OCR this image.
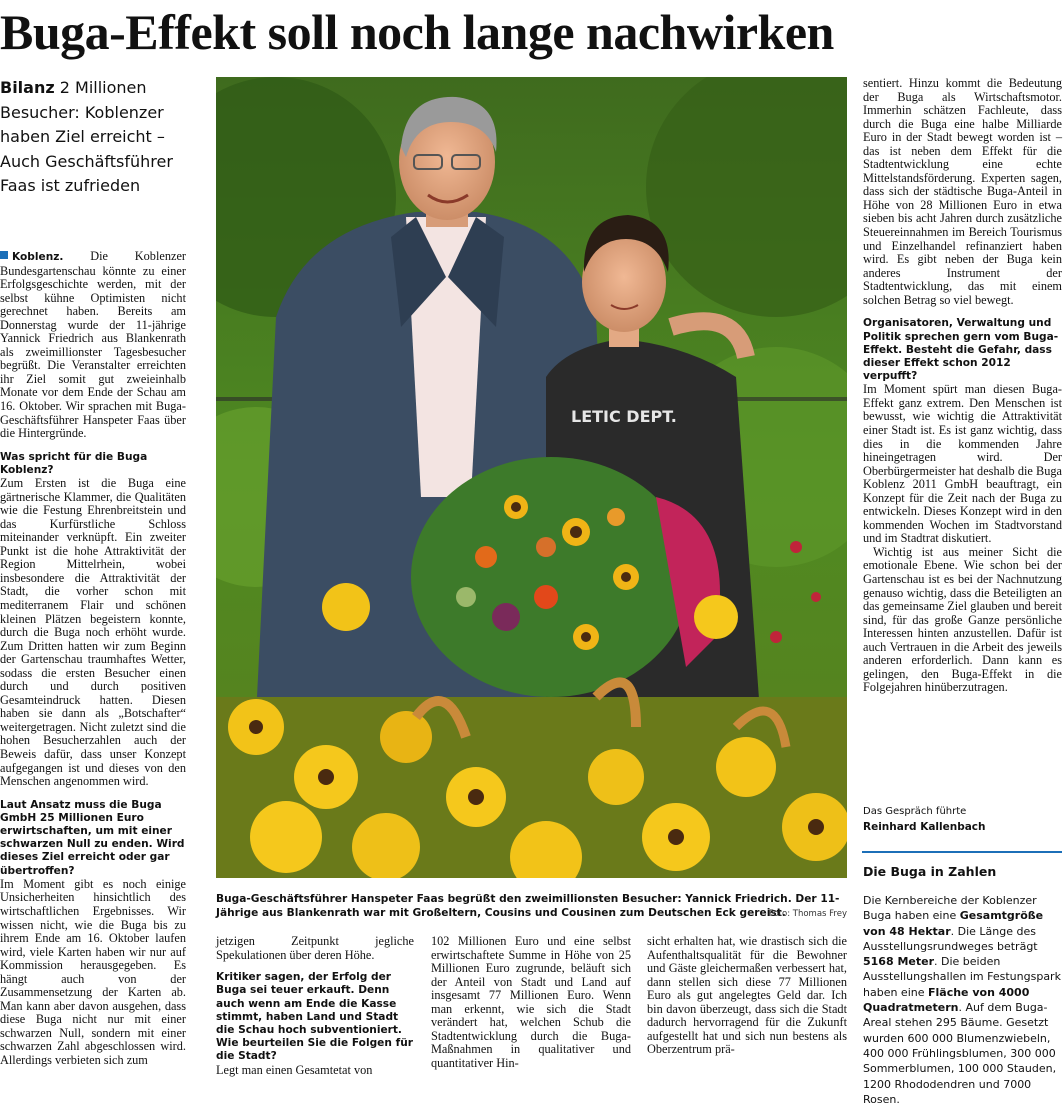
Buga-Effekt soll noch lange nachwirken
Bilanz 2 Millionen Besucher: Koblenzer haben Ziel erreicht – Auch Geschäftsführer Faas ist zufrieden

Koblenz. Die Koblenzer Bundesgartenschau könnte zu einer Erfolgsgeschichte werden, mit der selbst kühne Optimisten nicht gerechnet haben. Bereits am Donnerstag wurde der 11-jährige Yannick Friedrich aus Blankenrath als zweimillionster Tagesbesucher begrüßt. Die Veranstalter erreichten ihr Ziel somit gut zweieinhalb Monate vor dem Ende der Schau am 16. Oktober. Wir sprachen mit Buga-Geschäftsführer Hanspeter Faas über die Hintergründe.

Was spricht für die Buga Koblenz?

Zum Ersten ist die Buga eine gärtnerische Klammer, die Qualitäten wie die Festung Ehrenbreitstein und das Kurfürstliche Schloss miteinander verknüpft. Ein zweiter Punkt ist die hohe Attraktivität der Region Mittelrhein, wobei insbesondere die Attraktivität der Stadt, die vorher schon mit mediterranem Flair und schönen kleinen Plätzen begeistern konnte, durch die Buga noch erhöht wurde. Zum Dritten hatten wir zum Beginn der Gartenschau traumhaftes Wetter, sodass die ersten Besucher einen durch und durch positiven Gesamteindruck hatten. Diesen haben sie dann als „Botschafter“ weitergetragen. Nicht zuletzt sind die hohen Besucherzahlen auch der Beweis dafür, dass unser Konzept aufgegangen ist und dieses von den Menschen angenommen wird.

Laut Ansatz muss die Buga GmbH 25 Millionen Euro erwirtschaften, um mit einer schwarzen Null zu enden. Wird dieses Ziel erreicht oder gar übertroffen?

Im Moment gibt es noch einige Unsicherheiten hinsichtlich des wirtschaftlichen Ergebnisses. Wir wissen nicht, wie die Buga bis zu ihrem Ende am 16. Oktober laufen wird, viele Karten haben wir nur auf Kommission herausgegeben. Es hängt auch von der Zusammensetzung der Karten ab. Man kann aber davon ausgehen, dass diese Buga nicht nur mit einer schwarzen Null, sondern mit einer schwarzen Zahl abgeschlossen wird. Allerdings verbieten sich zum

LETIC DEPT.
Buga-Geschäftsführer Hanspeter Faas begrüßt den zweimillionsten Besucher: Yannick Friedrich. Der 11-Jährige aus Blankenrath war mit Großeltern, Cousins und Cousinen zum Deutschen Eck gereist.
Foto: Thomas Frey

jetzigen Zeitpunkt jegliche Spekulationen über deren Höhe.

Kritiker sagen, der Erfolg der Buga sei teuer erkauft. Denn auch wenn am Ende die Kasse stimmt, haben Land und Stadt die Schau hoch subventioniert. Wie beurteilen Sie die Folgen für die Stadt?

Legt man einen Gesamtetat von

102 Millionen Euro und eine selbst erwirtschaftete Summe in Höhe von 25 Millionen Euro zugrunde, beläuft sich der Anteil von Stadt und Land auf insgesamt 77 Millionen Euro. Wenn man erkennt, wie sich die Stadt verändert hat, welchen Schub die Stadtentwicklung durch die Buga-Maßnahmen in qualitativer und quantitativer Hin-

sicht erhalten hat, wie drastisch sich die Aufenthaltsqualität für die Bewohner und Gäste gleichermaßen verbessert hat, dann stellen sich diese 77 Millionen Euro als gut angelegtes Geld dar. Ich bin davon überzeugt, dass sich die Stadt dadurch hervorragend für die Zukunft aufgestellt hat und sich nun bestens als Oberzentrum prä-

sentiert. Hinzu kommt die Bedeutung der Buga als Wirtschaftsmotor. Immerhin schätzen Fachleute, dass durch die Buga eine halbe Milliarde Euro in der Stadt bewegt worden ist – das ist neben dem Effekt für die Stadtentwicklung eine echte Mittelstandsförderung. Experten sagen, dass sich der städtische Buga-Anteil in Höhe von 28 Millionen Euro in etwa sieben bis acht Jahren durch zusätzliche Steuereinnahmen im Bereich Tourismus und Einzelhandel refinanziert haben wird. Es gibt neben der Buga kein anderes Instrument der Stadtentwicklung, das mit einem solchen Betrag so viel bewegt.

Organisatoren, Verwaltung und Politik sprechen gern vom Buga-Effekt. Besteht die Gefahr, dass dieser Effekt schon 2012 verpufft?

Im Moment spürt man diesen Buga-Effekt ganz extrem. Den Menschen ist bewusst, wie wichtig die Attraktivität einer Stadt ist. Es ist ganz wichtig, dass dies in die kommenden Jahre hineingetragen wird. Der Oberbürgermeister hat deshalb die Buga Koblenz 2011 GmbH beauftragt, ein Konzept für die Zeit nach der Buga zu entwickeln. Dieses Konzept wird in den kommenden Wochen im Stadtvorstand und im Stadtrat diskutiert.

Wichtig ist aus meiner Sicht die emotionale Ebene. Wie schon bei der Gartenschau ist es bei der Nachnutzung genauso wichtig, dass die Beteiligten an das gemeinsame Ziel glauben und bereit sind, für das große Ganze persönliche Interessen hinten anzustellen. Dafür ist auch Vertrauen in die Arbeit des jeweils anderen erforderlich. Dann kann es gelingen, den Buga-Effekt in die Folgejahren hinüberzutragen.

Das Gespräch führte
Reinhard Kallenbach
Die Buga in Zahlen
Die Kernbereiche der Koblenzer Buga haben eine Gesamtgröße von 48 Hektar. Die Länge des Ausstellungsrundweges beträgt 5168 Meter. Die beiden Ausstellungshallen im Festungspark haben eine Fläche von 4000 Quadratmetern. Auf dem Buga-Areal stehen 295 Bäume. Gesetzt wurden 600 000 Blumenzwiebeln, 400 000 Frühlingsblumen, 300 000 Sommerblumen, 100 000 Stauden, 1200 Rhododendren und 7000 Rosen.
